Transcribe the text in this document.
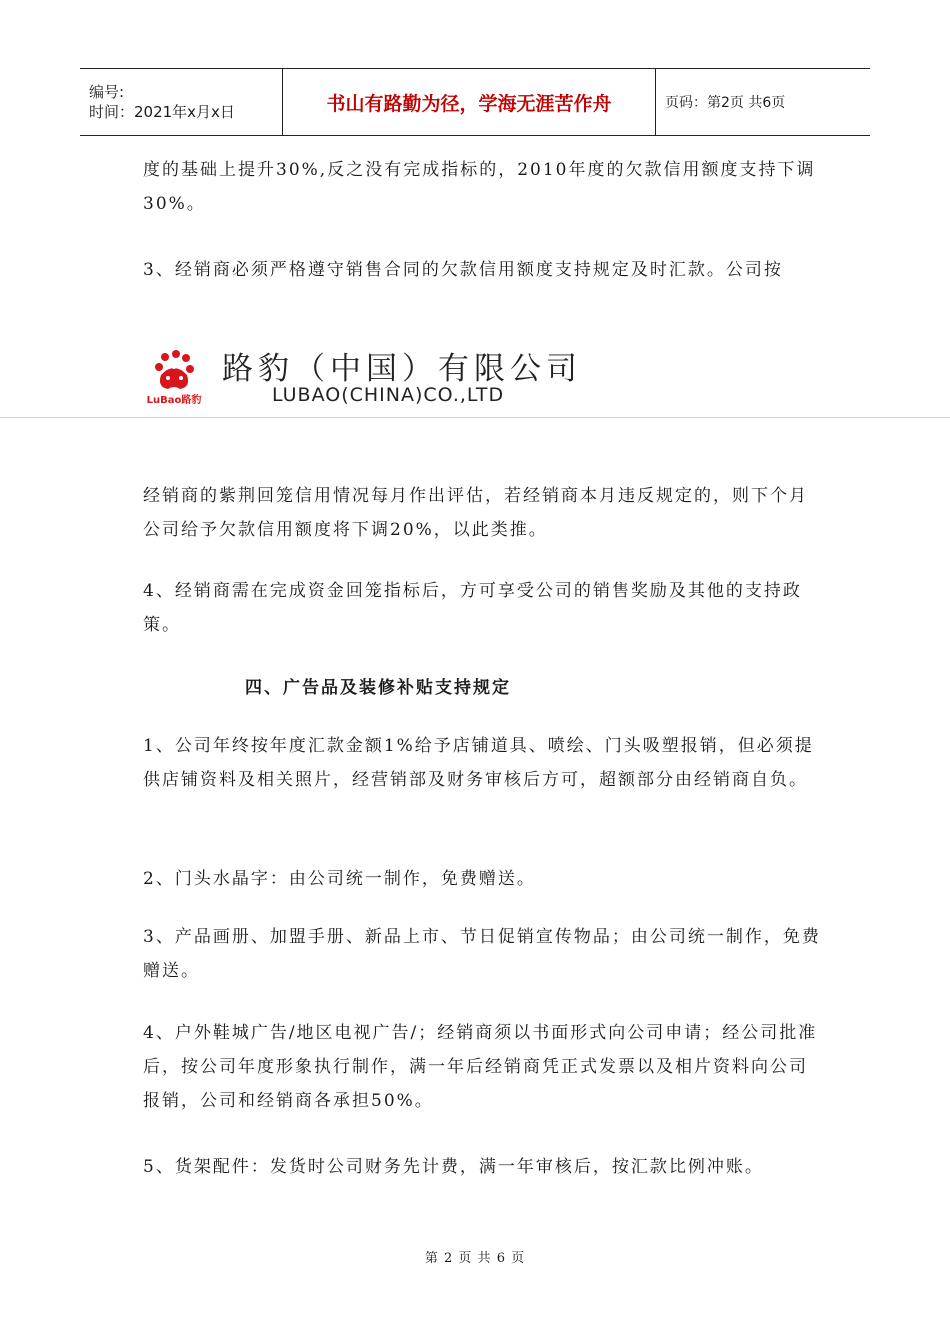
编号:
时间：2021年x月x日	书山有路勤为径，学海无涯苦作舟	页码：第2页 共6页
度的基础上提升30%,反之没有完成指标的，2010年度的欠款信用额度支持下调30%。
3、经销商必须严格遵守销售合同的欠款信用额度支持规定及时汇款。公司按
LuBao路豹
路豹（中国）有限公司
LUBAO(CHINA)CO.,LTD
经销商的紫荆回笼信用情况每月作出评估，若经销商本月违反规定的，则下个月公司给予欠款信用额度将下调20%，以此类推。
4、经销商需在完成资金回笼指标后，方可享受公司的销售奖励及其他的支持政策。
四、广告品及装修补贴支持规定
1、公司年终按年度汇款金额1%给予店铺道具、喷绘、门头吸塑报销，但必须提供店铺资料及相关照片，经营销部及财务审核后方可，超额部分由经销商自负。
2、门头水晶字：由公司统一制作，免费赠送。
3、产品画册、加盟手册、新品上市、节日促销宣传物品；由公司统一制作，免费赠送。
4、户外鞋城广告/地区电视广告/；经销商须以书面形式向公司申请；经公司批准后，按公司年度形象执行制作，满一年后经销商凭正式发票以及相片资料向公司报销，公司和经销商各承担50%。
5、货架配件：发货时公司财务先计费，满一年审核后，按汇款比例冲账。
第 2 页 共 6 页
